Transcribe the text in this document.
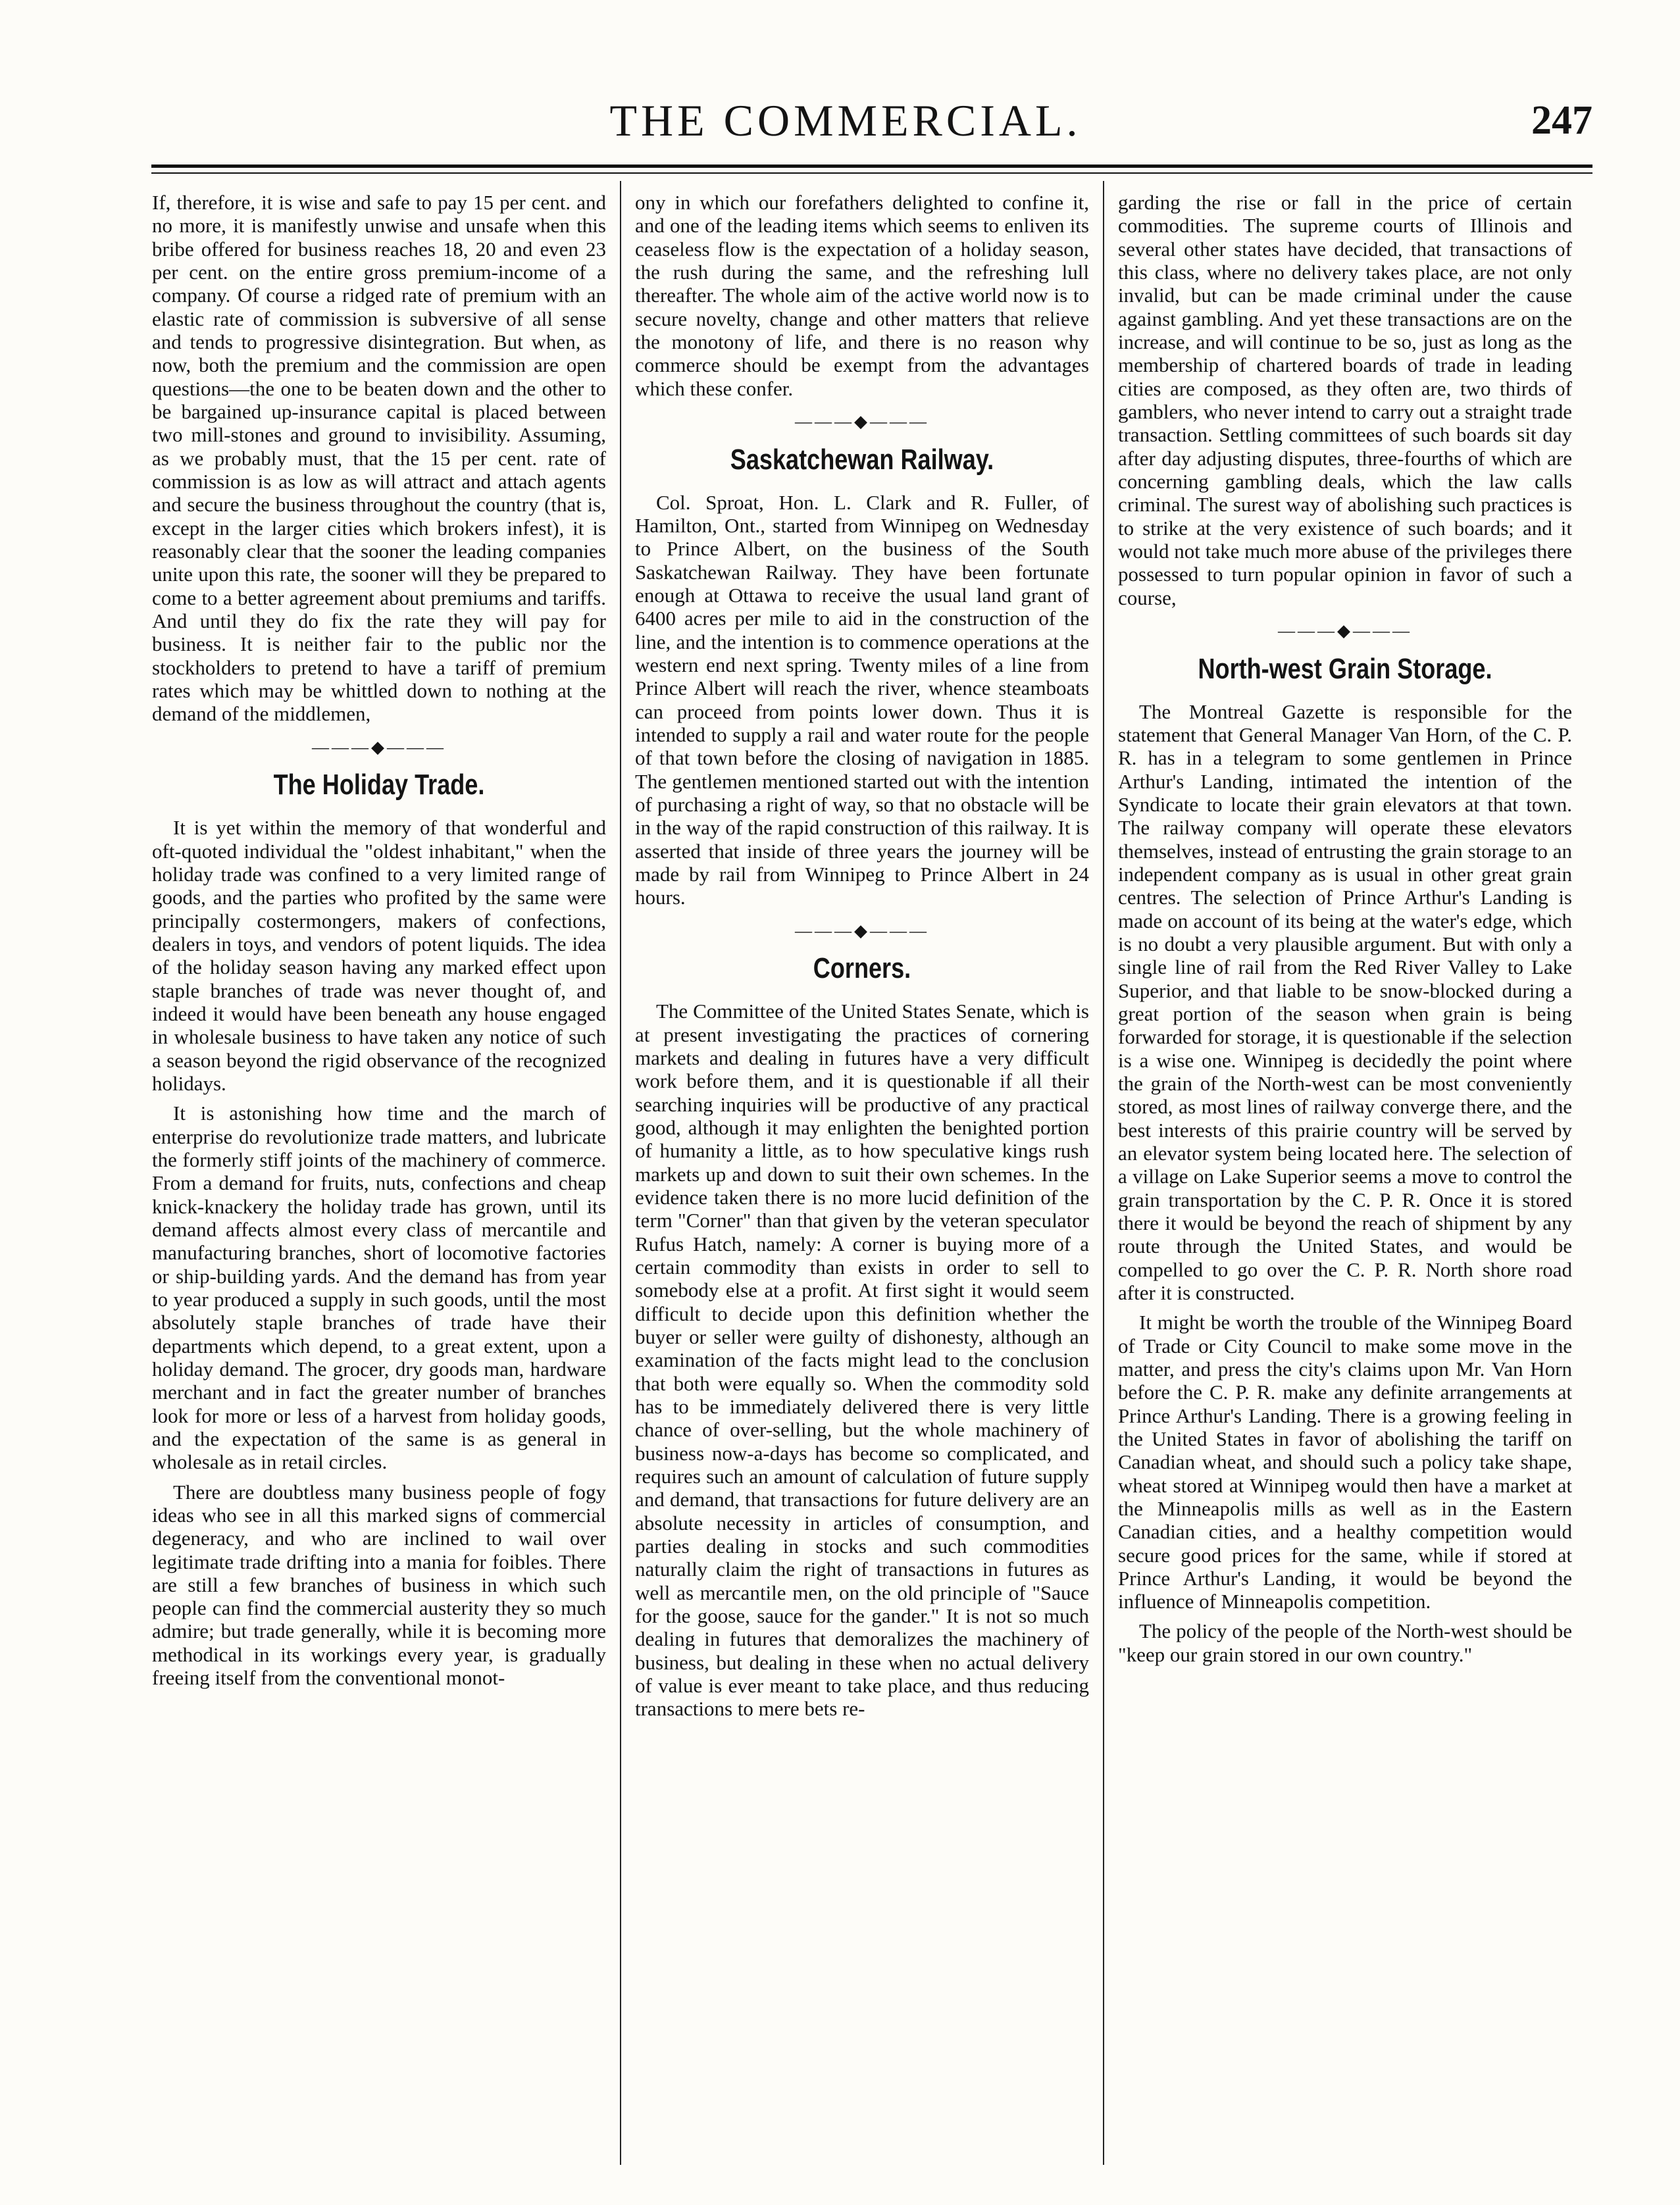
THE COMMERCIAL.	247

If, therefore, it is wise and safe to pay 15 per cent. and no more, it is manifestly unwise and unsafe when this bribe offered for business reaches 18, 20 and even 23 per cent. on the entire gross premium-income of a company. Of course a ridged rate of premium with an elastic rate of commission is subversive of all sense and tends to progressive disintegration. But when, as now, both the premium and the commission are open questions—the one to be beaten down and the other to be bargained up-insurance capital is placed between two mill-stones and ground to invisibility. Assuming, as we probably must, that the 15 per cent. rate of commission is as low as will attract and attach agents and secure the business throughout the country (that is, except in the larger cities which brokers infest), it is reasonably clear that the sooner the leading companies unite upon this rate, the sooner will they be prepared to come to a better agreement about premiums and tariffs. And until they do fix the rate they will pay for business. It is neither fair to the public nor the stockholders to pretend to have a tariff of premium rates which may be whittled down to nothing at the demand of the middlemen,

———◆———
The Holiday Trade.

It is yet within the memory of that wonderful and oft-quoted individual the "oldest inhabitant," when the holiday trade was confined to a very limited range of goods, and the parties who profited by the same were principally costermongers, makers of confections, dealers in toys, and vendors of potent liquids. The idea of the holiday season having any marked effect upon staple branches of trade was never thought of, and indeed it would have been beneath any house engaged in wholesale business to have taken any notice of such a season beyond the rigid observance of the recognized holidays.

It is astonishing how time and the march of enterprise do revolutionize trade matters, and lubricate the formerly stiff joints of the machinery of commerce. From a demand for fruits, nuts, confections and cheap knick-knackery the holiday trade has grown, until its demand affects almost every class of mercantile and manufacturing branches, short of locomotive factories or ship-building yards. And the demand has from year to year produced a supply in such goods, until the most absolutely staple branches of trade have their departments which depend, to a great extent, upon a holiday demand. The grocer, dry goods man, hardware merchant and in fact the greater number of branches look for more or less of a harvest from holiday goods, and the expectation of the same is as general in wholesale as in retail circles.

There are doubtless many business people of fogy ideas who see in all this marked signs of commercial degeneracy, and who are inclined to wail over legitimate trade drifting into a mania for foibles. There are still a few branches of business in which such people can find the commercial austerity they so much admire; but trade generally, while it is becoming more methodical in its workings every year, is gradually freeing itself from the conventional monot-

ony in which our forefathers delighted to confine it, and one of the leading items which seems to enliven its ceaseless flow is the expectation of a holiday season, the rush during the same, and the refreshing lull thereafter. The whole aim of the active world now is to secure novelty, change and other matters that relieve the monotony of life, and there is no reason why commerce should be exempt from the advantages which these confer.

———◆———
Saskatchewan Railway.

Col. Sproat, Hon. L. Clark and R. Fuller, of Hamilton, Ont., started from Winnipeg on Wednesday to Prince Albert, on the business of the South Saskatchewan Railway. They have been fortunate enough at Ottawa to receive the usual land grant of 6400 acres per mile to aid in the construction of the line, and the intention is to commence operations at the western end next spring. Twenty miles of a line from Prince Albert will reach the river, whence steamboats can proceed from points lower down. Thus it is intended to supply a rail and water route for the people of that town before the closing of navigation in 1885. The gentlemen mentioned started out with the intention of purchasing a right of way, so that no obstacle will be in the way of the rapid construction of this railway. It is asserted that inside of three years the journey will be made by rail from Winnipeg to Prince Albert in 24 hours.

———◆———
Corners.

The Committee of the United States Senate, which is at present investigating the practices of cornering markets and dealing in futures have a very difficult work before them, and it is questionable if all their searching inquiries will be productive of any practical good, although it may enlighten the benighted portion of humanity a little, as to how speculative kings rush markets up and down to suit their own schemes. In the evidence taken there is no more lucid definition of the term "Corner" than that given by the veteran speculator Rufus Hatch, namely: A corner is buying more of a certain commodity than exists in order to sell to somebody else at a profit. At first sight it would seem difficult to decide upon this definition whether the buyer or seller were guilty of dishonesty, although an examination of the facts might lead to the conclusion that both were equally so. When the commodity sold has to be immediately delivered there is very little chance of over-selling, but the whole machinery of business now-a-days has become so complicated, and requires such an amount of calculation of future supply and demand, that transactions for future delivery are an absolute necessity in articles of consumption, and parties dealing in stocks and such commodities naturally claim the right of transactions in futures as well as mercantile men, on the old principle of "Sauce for the goose, sauce for the gander." It is not so much dealing in futures that demoralizes the machinery of business, but dealing in these when no actual delivery of value is ever meant to take place, and thus reducing transactions to mere bets re-

garding the rise or fall in the price of certain commodities. The supreme courts of Illinois and several other states have decided, that transactions of this class, where no delivery takes place, are not only invalid, but can be made criminal under the cause against gambling. And yet these transactions are on the increase, and will continue to be so, just as long as the membership of chartered boards of trade in leading cities are composed, as they often are, two thirds of gamblers, who never intend to carry out a straight trade transaction. Settling committees of such boards sit day after day adjusting disputes, three-fourths of which are concerning gambling deals, which the law calls criminal. The surest way of abolishing such practices is to strike at the very existence of such boards; and it would not take much more abuse of the privileges there possessed to turn popular opinion in favor of such a course,

———◆———
North-west Grain Storage.

The Montreal Gazette is responsible for the statement that General Manager Van Horn, of the C. P. R. has in a telegram to some gentlemen in Prince Arthur's Landing, intimated the intention of the Syndicate to locate their grain elevators at that town. The railway company will operate these elevators themselves, instead of entrusting the grain storage to an independent company as is usual in other great grain centres. The selection of Prince Arthur's Landing is made on account of its being at the water's edge, which is no doubt a very plausible argument. But with only a single line of rail from the Red River Valley to Lake Superior, and that liable to be snow-blocked during a great portion of the season when grain is being forwarded for storage, it is questionable if the selection is a wise one. Winnipeg is decidedly the point where the grain of the North-west can be most conveniently stored, as most lines of railway converge there, and the best interests of this prairie country will be served by an elevator system being located here. The selection of a village on Lake Superior seems a move to control the grain transportation by the C. P. R. Once it is stored there it would be beyond the reach of shipment by any route through the United States, and would be compelled to go over the C. P. R. North shore road after it is constructed.

It might be worth the trouble of the Winnipeg Board of Trade or City Council to make some move in the matter, and press the city's claims upon Mr. Van Horn before the C. P. R. make any definite arrangements at Prince Arthur's Landing. There is a growing feeling in the United States in favor of abolishing the tariff on Canadian wheat, and should such a policy take shape, wheat stored at Winnipeg would then have a market at the Minneapolis mills as well as in the Eastern Canadian cities, and a healthy competition would secure good prices for the same, while if stored at Prince Arthur's Landing, it would be beyond the influence of Minneapolis competition.

The policy of the people of the North-west should be "keep our grain stored in our own country."
